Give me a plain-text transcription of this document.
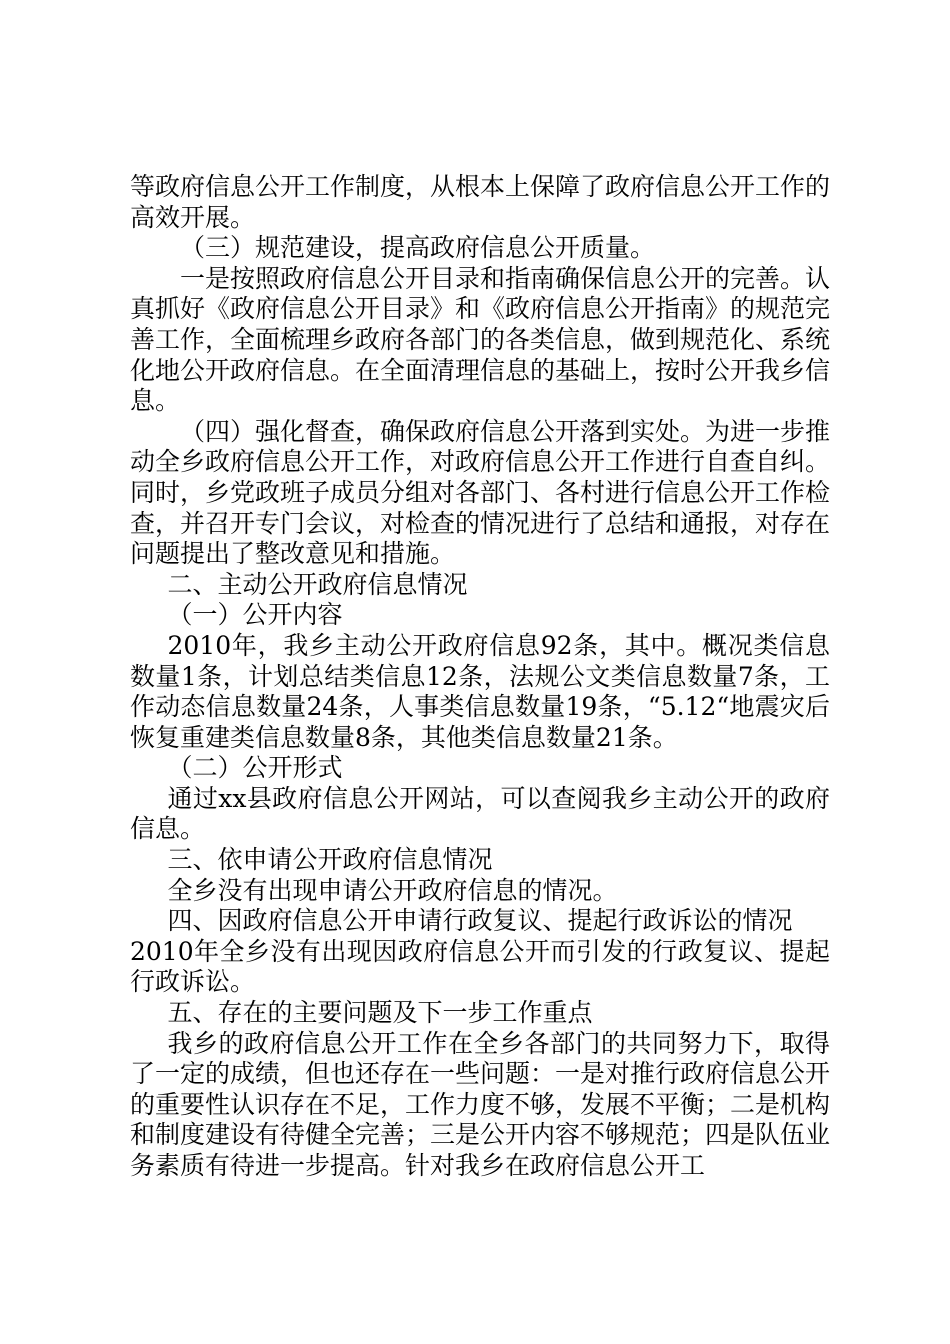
等政府信息公开工作制度，从根本上保障了政府信息公开工作的高效开展。

（三）规范建设，提高政府信息公开质量。

一是按照政府信息公开目录和指南确保信息公开的完善。认真抓好《政府信息公开目录》和《政府信息公开指南》的规范完善工作，全面梳理乡政府各部门的各类信息，做到规范化、系统化地公开政府信息。在全面清理信息的基础上，按时公开我乡信息。

（四）强化督查，确保政府信息公开落到实处。为进一步推动全乡政府信息公开工作，对政府信息公开工作进行自查自纠。同时，乡党政班子成员分组对各部门、各村进行信息公开工作检查，并召开专门会议，对检查的情况进行了总结和通报，对存在问题提出了整改意见和措施。

二、主动公开政府信息情况

（一）公开内容

2010年，我乡主动公开政府信息92条，其中。概况类信息数量1条，计划总结类信息12条，法规公文类信息数量7条，工作动态信息数量24条，人事类信息数量19条，“5.12“地震灾后恢复重建类信息数量8条，其他类信息数量21条。

（二）公开形式

通过xx县政府信息公开网站，可以查阅我乡主动公开的政府信息。

三、依申请公开政府信息情况

全乡没有出现申请公开政府信息的情况。

四、因政府信息公开申请行政复议、提起行政诉讼的情况

2010年全乡没有出现因政府信息公开而引发的行政复议、提起行政诉讼。

五、存在的主要问题及下一步工作重点

我乡的政府信息公开工作在全乡各部门的共同努力下，取得了一定的成绩，但也还存在一些问题：一是对推行政府信息公开的重要性认识存在不足，工作力度不够，发展不平衡；二是机构和制度建设有待健全完善；三是公开内容不够规范；四是队伍业务素质有待进一步提高。针对我乡在政府信息公开工
